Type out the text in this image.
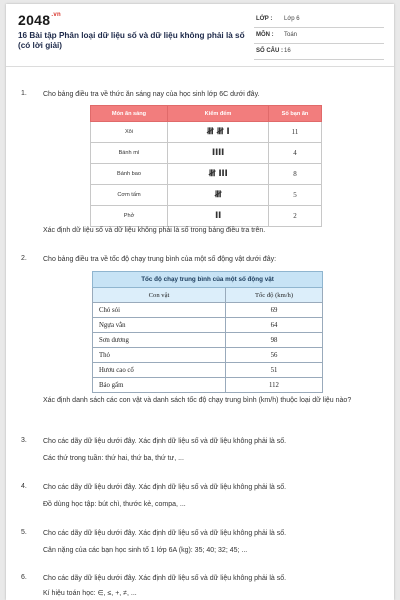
$2048^{.vn}$
16 Bài tập Phân loại dữ liệu số và dữ liệu không phải là số (có lời giải)
LỚP : Lớp 6
MÔN : Toán
SỐ CÂU : 16
1. Cho bảng điều tra về thức ăn sáng nay của học sinh lớp 6C dưới đây.
Món ăn sáng	Kiểm đếm	Số bạn ăn
Xôi	𝍸 𝍸 I	11
Bánh mì	IIII	4
Bánh bao	𝍸 III	8
Cơm tấm	𝍸	5
Phở	II	2
Xác định dữ liệu số và dữ liệu không phải là số trong bảng điều tra trên.
2. Cho bảng điều tra về tốc độ chạy trung bình của một số động vật dưới đây:
Tốc độ chạy trung bình của một số động vật	
Con vật	Tốc độ (km/h)
Chó sói	69
Ngựa vằn	64
Sơn dương	98
Thỏ	56
Hươu cao cổ	51
Báo gấm	112
Xác định danh sách các con vật và danh sách tốc độ chạy trung bình (km/h) thuộc loại dữ liệu nào?
3. Cho các dãy dữ liệu dưới đây. Xác định dữ liệu số và dữ liệu không phải là số.
Các thứ trong tuần: thứ hai, thứ ba, thứ tư, ...
4. Cho các dãy dữ liệu dưới đây. Xác định dữ liệu số và dữ liệu không phải là số.
Đồ dùng học tập: bút chì, thước kẻ, compa, ...
5. Cho các dãy dữ liệu dưới đây. Xác định dữ liệu số và dữ liệu không phải là số.
Cân nặng của các bạn học sinh tổ 1 lớp 6A (kg): 35; 40; 32; 45; ...
6. Cho các dãy dữ liệu dưới đây. Xác định dữ liệu số và dữ liệu không phải là số.
Kí hiệu toán học: ∈, ≤, +, ≠, ...
